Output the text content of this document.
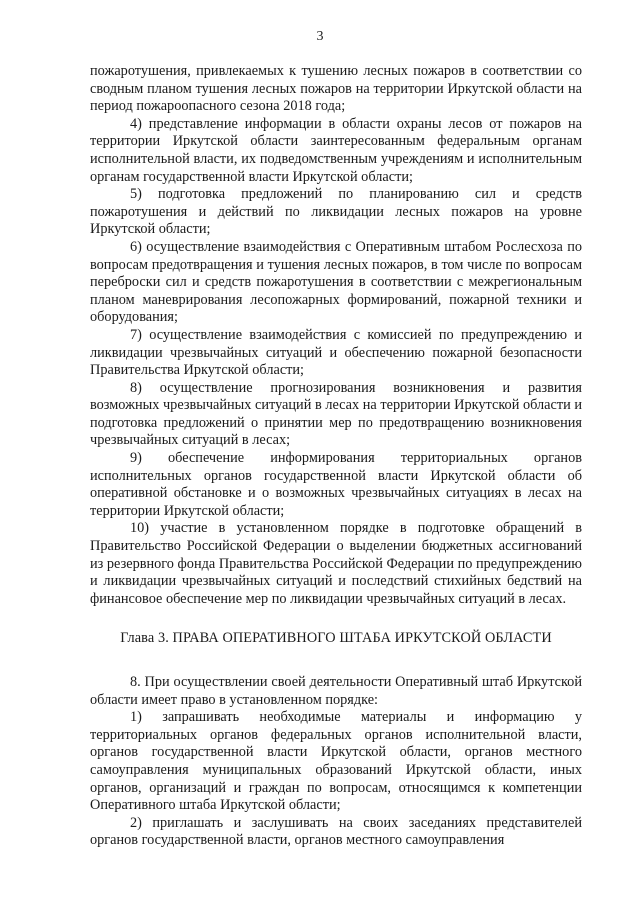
3

пожаротушения, привлекаемых к тушению лесных пожаров в соответствии со сводным планом тушения лесных пожаров на территории Иркутской области на период пожароопасного сезона 2018 года;

4) представление информации в области охраны лесов от пожаров на территории Иркутской области заинтересованным федеральным органам исполнительной власти, их подведомственным учреждениям и исполнительным органам государственной власти Иркутской области;

5) подготовка предложений по планированию сил и средств пожаротушения и действий по ликвидации лесных пожаров на уровне Иркутской области;

6) осуществление взаимодействия с Оперативным штабом Рослесхоза по вопросам предотвращения и тушения лесных пожаров, в том числе по вопросам переброски сил и средств пожаротушения в соответствии с межрегиональным планом маневрирования лесопожарных формирований, пожарной техники и оборудования;

7) осуществление взаимодействия с комиссией по предупреждению и ликвидации чрезвычайных ситуаций и обеспечению пожарной безопасности Правительства Иркутской области;

8) осуществление прогнозирования возникновения и развития возможных чрезвычайных ситуаций в лесах на территории Иркутской области и подготовка предложений о принятии мер по предотвращению возникновения чрезвычайных ситуаций в лесах;

9) обеспечение информирования территориальных органов исполнительных органов государственной власти Иркутской области об оперативной обстановке и о возможных чрезвычайных ситуациях в лесах на территории Иркутской области;

10) участие в установленном порядке в подготовке обращений в Правительство Российской Федерации о выделении бюджетных ассигнований из резервного фонда Правительства Российской Федерации по предупреждению и ликвидации чрезвычайных ситуаций и последствий стихийных бедствий на финансовое обеспечение мер по ликвидации чрезвычайных ситуаций в лесах.

Глава 3. ПРАВА ОПЕРАТИВНОГО ШТАБА ИРКУТСКОЙ ОБЛАСТИ

8. При осуществлении своей деятельности Оперативный штаб Иркутской области имеет право в установленном порядке:

1) запрашивать необходимые материалы и информацию у территориальных органов федеральных органов исполнительной власти, органов государственной власти Иркутской области, органов местного самоуправления муниципальных образований Иркутской области, иных органов, организаций и граждан по вопросам, относящимся к компетенции Оперативного штаба Иркутской области;

2) приглашать и заслушивать на своих заседаниях представителей органов государственной власти, органов местного самоуправления
